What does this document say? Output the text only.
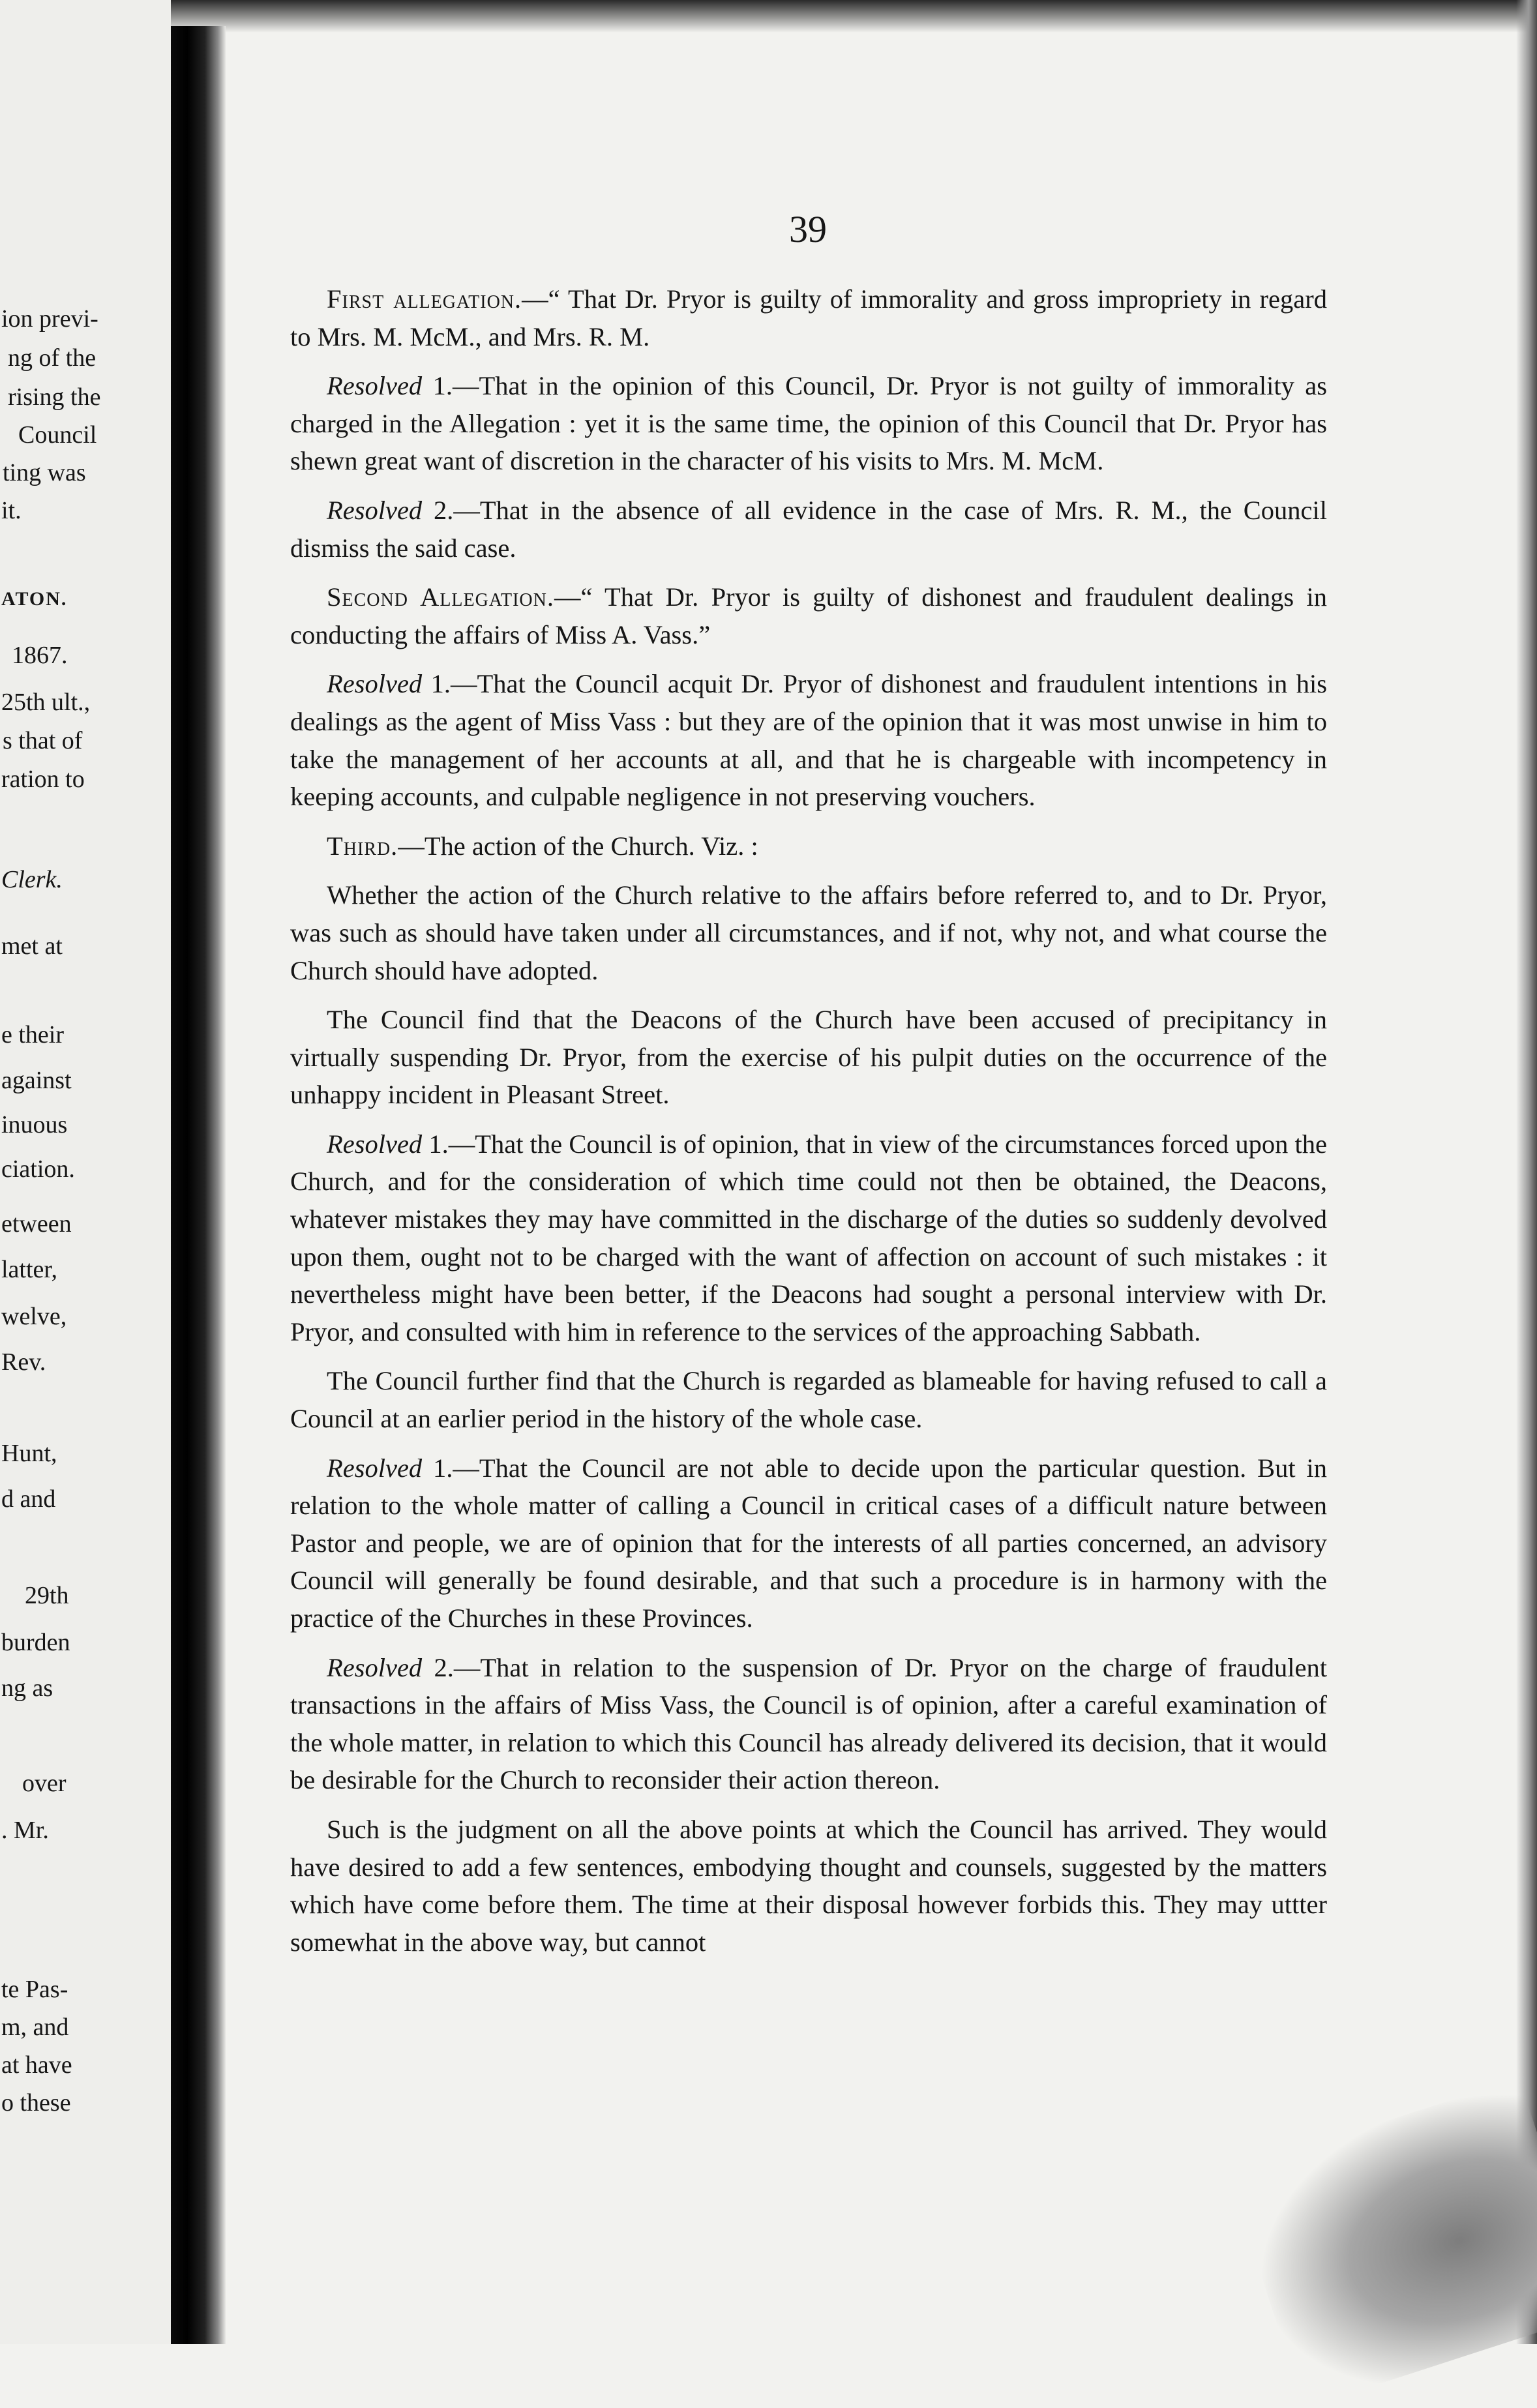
ion previ-
ng of the
rising the
Council
ting was
it.
ATON.
1867.
25th ult.,
s that of
ration to
Clerk.
met at
e their
against
inuous
ciation.
etween
latter,
welve,
Rev.
Hunt,
d and
29th
burden
ng as
over
. Mr.
te Pas-
m, and
at have
o these
39

First allegation.—“ That Dr. Pryor is guilty of immorality and gross impropriety in regard to Mrs. M. McM., and Mrs. R. M.

Resolved 1.—That in the opinion of this Council, Dr. Pryor is not guilty of immorality as charged in the Allegation : yet it is the same time, the opinion of this Council that Dr. Pryor has shewn great want of discretion in the character of his visits to Mrs. M. McM.

Resolved 2.—That in the absence of all evidence in the case of Mrs. R. M., the Council dismiss the said case.

Second Allegation.—“ That Dr. Pryor is guilty of dishonest and fraudulent dealings in conducting the affairs of Miss A. Vass.”

Resolved 1.—That the Council acquit Dr. Pryor of dishonest and fraudulent intentions in his dealings as the agent of Miss Vass : but they are of the opinion that it was most unwise in him to take the management of her accounts at all, and that he is chargeable with incompetency in keeping accounts, and culpable negligence in not preserving vouchers.

Third.—The action of the Church. Viz. :

Whether the action of the Church relative to the affairs before referred to, and to Dr. Pryor, was such as should have taken under all circumstances, and if not, why not, and what course the Church should have adopted.

The Council find that the Deacons of the Church have been accused of precipitancy in virtually suspending Dr. Pryor, from the exercise of his pulpit duties on the occurrence of the unhappy incident in Pleasant Street.

Resolved 1.—That the Council is of opinion, that in view of the circumstances forced upon the Church, and for the consideration of which time could not then be obtained, the Deacons, whatever mistakes they may have committed in the discharge of the duties so suddenly devolved upon them, ought not to be charged with the want of affection on account of such mistakes : it nevertheless might have been better, if the Deacons had sought a personal interview with Dr. Pryor, and consulted with him in reference to the services of the approaching Sabbath.

The Council further find that the Church is regarded as blameable for having refused to call a Council at an earlier period in the history of the whole case.

Resolved 1.—That the Council are not able to decide upon the particular question. But in relation to the whole matter of calling a Council in critical cases of a difficult nature between Pastor and people, we are of opinion that for the interests of all parties concerned, an advisory Council will generally be found desirable, and that such a procedure is in harmony with the practice of the Churches in these Provinces.

Resolved 2.—That in relation to the suspension of Dr. Pryor on the charge of fraudulent transactions in the affairs of Miss Vass, the Council is of opinion, after a careful examination of the whole matter, in relation to which this Council has already delivered its decision, that it would be desirable for the Church to reconsider their action thereon.

Such is the judgment on all the above points at which the Council has arrived. They would have desired to add a few sentences, embodying thought and counsels, suggested by the matters which have come before them. The time at their disposal however forbids this. They may uttter somewhat in the above way, but cannot
